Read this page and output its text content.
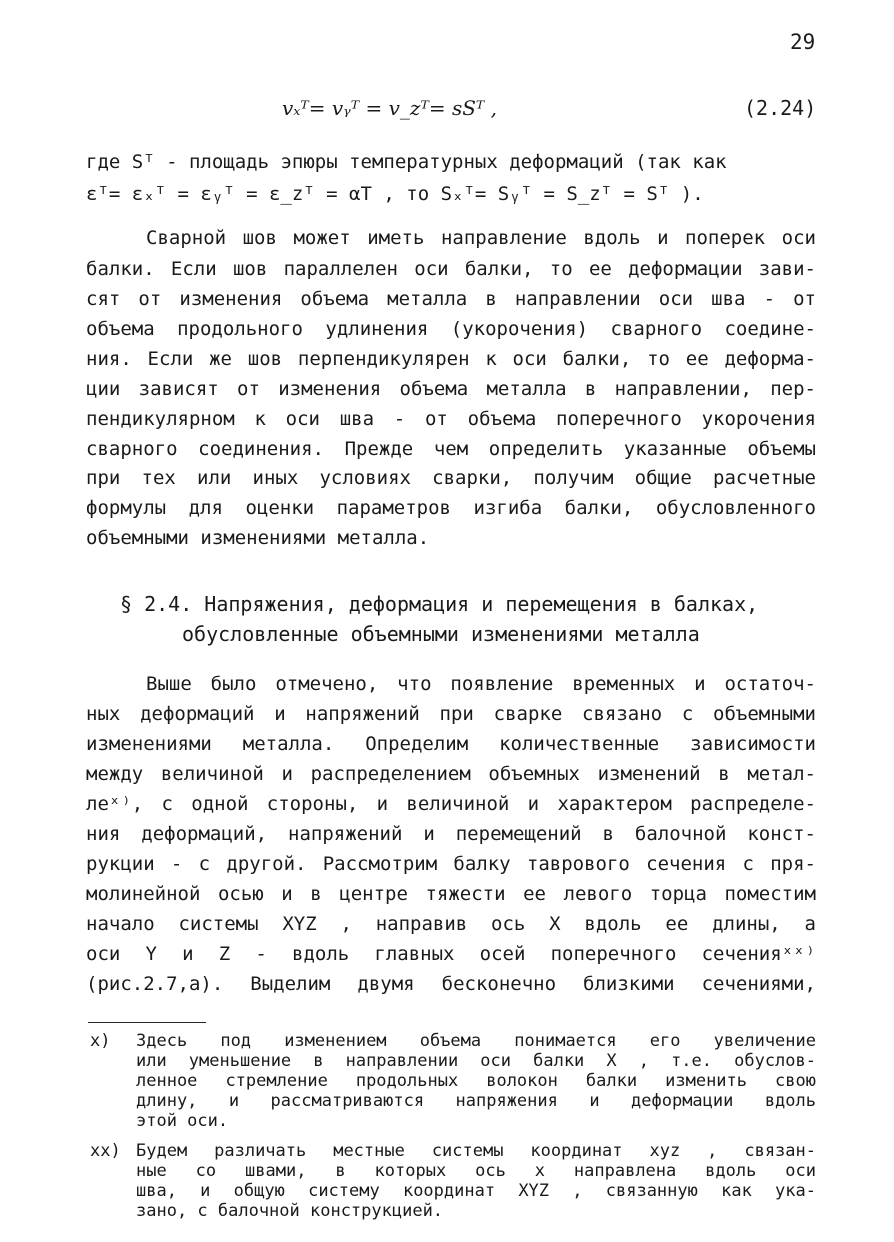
29
vₓᵀ= vᵧᵀ = v_zᵀ= sSᵀ ,	(2.24)
где Sᵀ - площадь эпюры температурных деформаций (так как
εᵀ= εₓᵀ = εᵧᵀ = ε_zᵀ = αT , то Sₓᵀ= Sᵧᵀ = S_zᵀ = Sᵀ ).
Сварной шов может иметь направление вдоль и поперек оси
балки. Если шов параллелен оси балки, то ее деформации зави-
сят от изменения объема металла в направлении оси шва - от
объема продольного удлинения (укорочения) сварного соедине-
ния. Если же шов перпендикулярен к оси балки, то ее деформа-
ции зависят от изменения объема металла в направлении, пер-
пендикулярном к оси шва - от объема поперечного укорочения
сварного соединения. Прежде чем определить указанные объемы
при тех или иных условиях сварки, получим общие расчетные
формулы для оценки параметров изгиба балки, обусловленного
объемными изменениями металла.
§ 2.4. Напряжения, деформация и перемещения в балках,
обусловленные объемными изменениями металла
Выше было отмечено, что появление временных и остаточ-
ных деформаций и напряжений при сварке связано с объемными
изменениями металла. Определим количественные зависимости
между величиной и распределением объемных изменений в метал-
леˣ⁾, с одной стороны, и величиной и характером распределе-
ния деформаций, напряжений и перемещений в балочной конст-
рукции - с другой. Рассмотрим балку таврового сечения с пря-
молинейной осью и в центре тяжести ее левого торца поместим
начало системы XYZ , направив ось X вдоль ее длины, а
оси Y и Z - вдоль главных осей поперечного сеченияˣˣ⁾
(рис.2.7,а). Выделим двумя бесконечно близкими сечениями,
x)	Здесь под изменением объема понимается его увеличение
или уменьшение в направлении оси балки X , т.е. обуслов-
ленное стремление продольных волокон балки изменить свою
длину, и рассматриваются напряжения и деформации вдоль
этой оси.
xx) Будем различать местные системы координат xyz , связан-
ные со швами, в которых ось x направлена вдоль оси
шва, и общую систему координат XYZ , связанную как ука-
зано, с балочной конструкцией.
